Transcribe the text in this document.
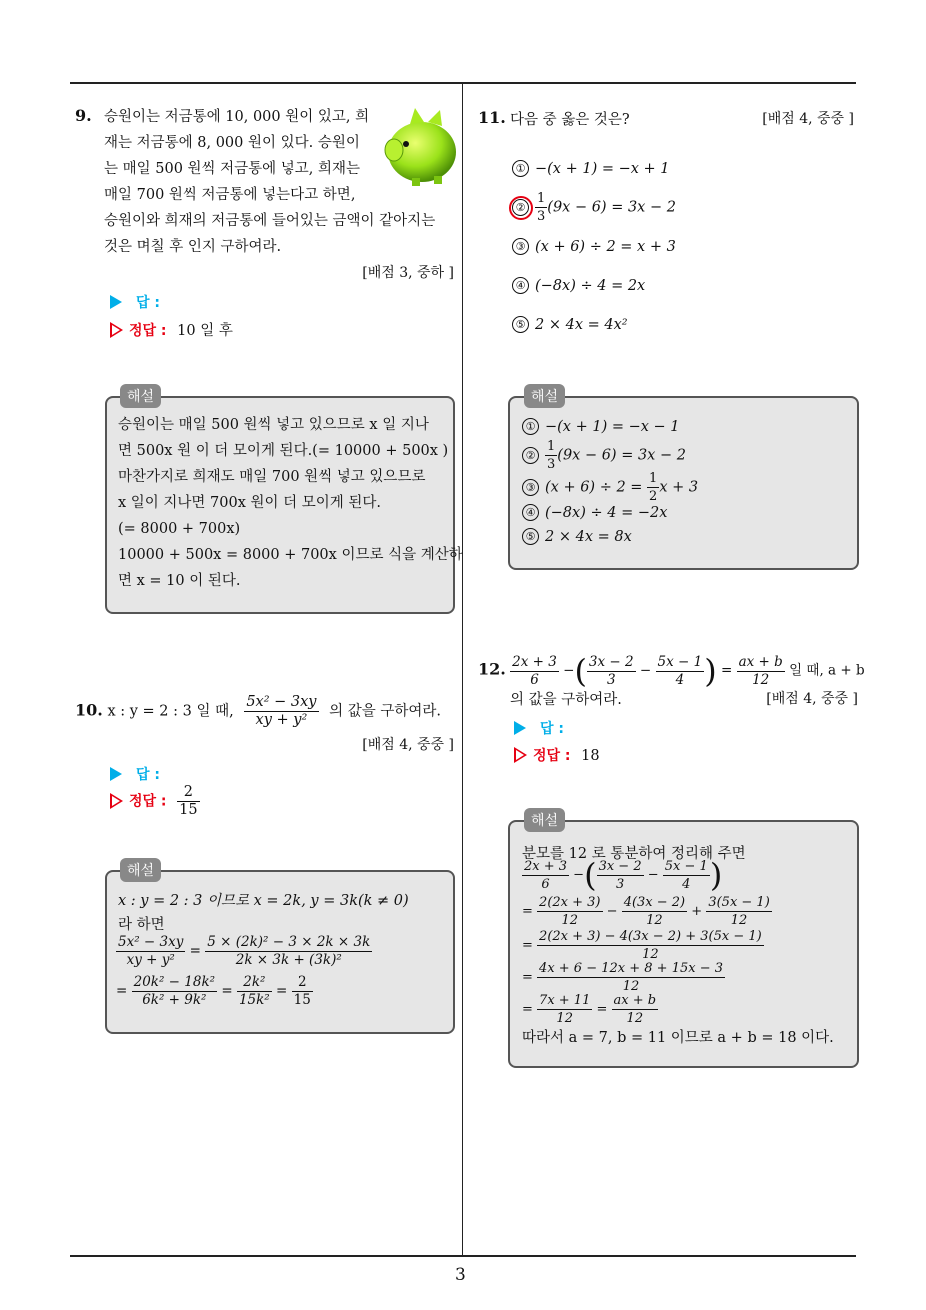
3
9. 승원이는 저금통에 10, 000 원이 있고, 희
재는 저금통에 8, 000 원이 있다. 승원이
는 매일 500 원씩 저금통에 넣고, 희재는
매일 700 원씩 저금통에 넣는다고 하면,
승원이와 희재의 저금통에 들어있는 금액이 같아지는
것은 며칠 후 인지 구하여라.
[배점 3, 중하 ]
답 :
정답 : 10 일 후
해설
승원이는 매일 500 원씩 넣고 있으므로 x 일 지나
면 500x 원 이 더 모이게 된다.(= 10000 + 500x )
마찬가지로 희재도 매일 700 원씩 넣고 있으므로
x 일이 지나면 700x 원이 더 모이게 된다.
(= 8000 + 700x)
10000 + 500x = 8000 + 700x 이므로 식을 계산하
면 x = 10 이 된다.
10. x : y = 2 : 3 일 때, $\frac{\text{5x² − 3xy}}{\text{xy + y²}}$ 의 값을 구하여라.
[배점 4, 중중 ]
답 :
정답 : $\frac{2}{15}$
해설
x : y = 2 : 3 이므로 x = 2k, y = 3k(k ≠ 0)
라 하면
$\frac{\text{5x² − 3xy}}{\text{xy + y²}} = \frac{\text{5 × (2k)² − 3 × 2k × 3k}}{\text{2k × 3k + (3k)²}}$
= $\frac{\text{20k² − 18k²}}{\text{6k² + 9k²}} = \frac{\text{2k²}}{\text{15k²}} = \frac{2}{15}$
11. 다음 중 옳은 것은?	[배점 4, 중중 ]
① −(x + 1) = −x + 1
② $\frac{1}{3} (9x - 6) = 3x - 2$
③ (x + 6) ÷ 2 = x + 3
④ (−8x) ÷ 4 = 2x
⑤ 2 × 4x = 4x²
해설
① −(x + 1) = −x − 1
② $\frac{1}{3} (9x - 6) = 3x - 2$
③ $(x + 6) \div 2 = \frac{1}{2}$ x + 3
④ (−8x) ÷ 4 = −2x
⑤ 2 × 4x = 8x
12. $\frac{2x + 3}{6}$ −( $\frac{3x - 2}{3} - \frac{5x - 1}{4}$ ) = $\frac{ax + b}{12}$ 일 때, a + b
의 값을 구하여라.	[배점 4, 중중 ]
답 :
정답 : 18
해설
분모를 12 로 통분하여 정리해 주면
$\frac{2x + 3}{6}$ −( $\frac{3x - 2}{3} - \frac{5x - 1}{4}$ )
= $\frac{2(2x + 3)}{12} - \frac{4(3x - 2)}{12} + \frac{3(5x - 1)}{12}$
= $\frac{2(2x + 3) - 4(3x - 2) + 3(5x - 1)}{12}$
= $\frac{4x + 6 - 12x + 8 + 15x - 3}{12}$
= $\frac{7x + 11}{12} = \frac{ax + b}{12}$
따라서 a = 7, b = 11 이므로 a + b = 18 이다.
